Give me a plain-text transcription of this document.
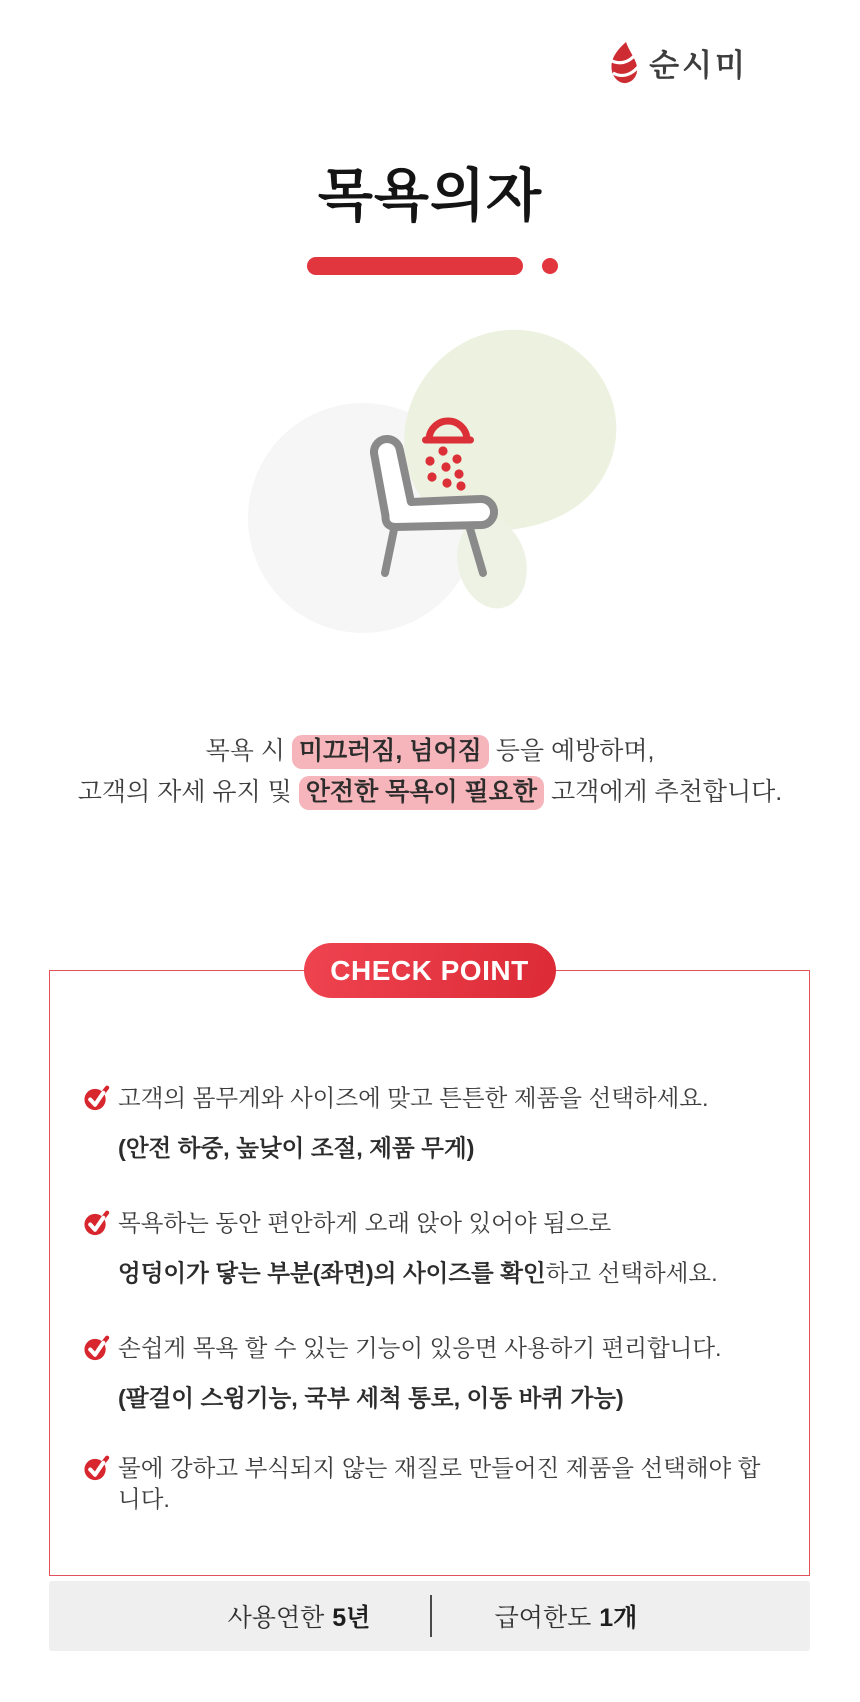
순시미
목욕의자
목욕 시 미끄러짐, 넘어짐 등을 예방하며,
고객의 자세 유지 및 안전한 목욕이 필요한 고객에게 추천합니다.
CHECK POINT
고객의 몸무게와 사이즈에 맞고 튼튼한 제품을 선택하세요.
(안전 하중, 높낮이 조절, 제품 무게)
목욕하는 동안 편안하게 오래 앉아 있어야 됨으로
엉덩이가 닿는 부분(좌면)의 사이즈를 확인하고 선택하세요.
손쉽게 목욕 할 수 있는 기능이 있응면 사용하기 편리합니다.
(팔걸이 스윙기능, 국부 세척 통로, 이동 바퀴 가능)
물에 강하고 부식되지 않는 재질로 만들어진 제품을 선택해야 합니다.
사용연한 5년	급여한도 1개
